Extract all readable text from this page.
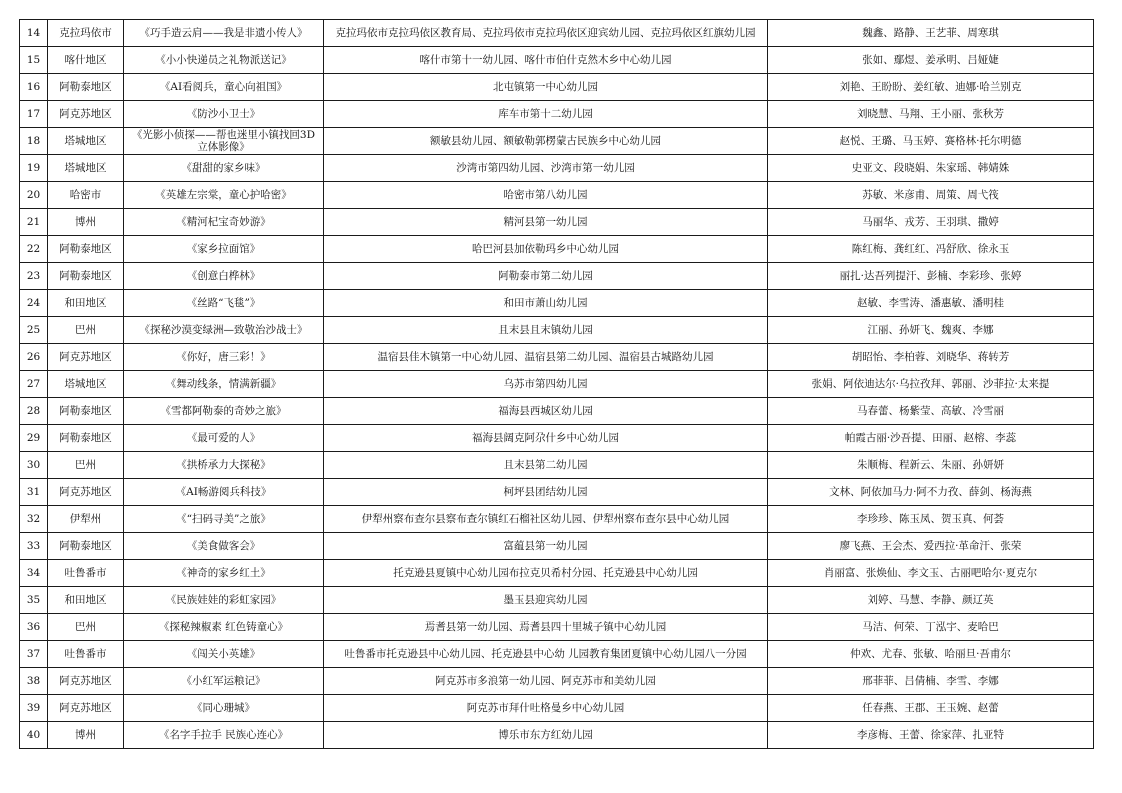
14	克拉玛依市	《巧手造云肩——我是非遗小传人》	克拉玛依市克拉玛依区教育局、克拉玛依市克拉玛依区迎宾幼儿园、克拉玛依区红旗幼儿园	魏鑫、路静、王艺菲、周寒琪
15	喀什地区	《小小快递员之礼物派送记》	喀什市第十一幼儿园、喀什市伯什克然木乡中心幼儿园	张如、鄢煜、姜承明、吕娅婕
16	阿勒泰地区	《AI看阅兵，童心向祖国》	北屯镇第一中心幼儿园	刘艳、王盼盼、姜红敏、迪娜·哈兰别克
17	阿克苏地区	《防沙小卫士》	库车市第十二幼儿园	刘晓慧、马翔、王小丽、张秋芳
18	塔城地区	《光影小侦探——帮也迷里小镇找回3D立体影像》	额敏县幼儿园、额敏勒郭楞蒙古民族乡中心幼儿园	赵悦、王璐、马玉婷、赛格林·托尔明德
19	塔城地区	《甜甜的家乡味》	沙湾市第四幼儿园、沙湾市第一幼儿园	史亚文、段晓娟、朱家瑶、韩婧姝
20	哈密市	《英雄左宗棠，童心护哈密》	哈密市第八幼儿园	苏敏、米彦甫、周策、周弋筏
21	博州	《精河杞宝奇妙游》	精河县第一幼儿园	马丽华、戎芳、王羽琪、撒婷
22	阿勒泰地区	《家乡拉面馆》	哈巴河县加依勒玛乡中心幼儿园	陈红梅、龚红红、冯舒欣、徐永玉
23	阿勒泰地区	《创意白桦林》	阿勒泰市第二幼儿园	丽扎·达吾列提汗、彭楠、李彩珍、张婷
24	和田地区	《丝路“飞毯”》	和田市萧山幼儿园	赵敏、李雪涛、潘惠敏、潘明桂
25	巴州	《探秘沙漠变绿洲—致敬治沙战士》	且末县且末镇幼儿园	江丽、孙妍飞、魏爽、李娜
26	阿克苏地区	《你好，唐三彩！》	温宿县佳木镇第一中心幼儿园、温宿县第二幼儿园、温宿县古城路幼儿园	胡昭怡、李柏蓉、刘晓华、蒋转芳
27	塔城地区	《舞动线条，情满新疆》	乌苏市第四幼儿园	张娟、阿依迪达尔·乌拉孜拜、郭丽、沙菲拉·太来提
28	阿勒泰地区	《雪都阿勒泰的奇妙之旅》	福海县西城区幼儿园	马春蕾、杨紫莹、高敏、冷雪丽
29	阿勒泰地区	《最可爱的人》	福海县阔克阿尕什乡中心幼儿园	帕霞古丽·沙吾提、田丽、赵榕、李蕊
30	巴州	《拱桥承力大探秘》	且末县第二幼儿园	朱顺梅、程新云、朱丽、孙妍妍
31	阿克苏地区	《AI畅游阅兵科技》	柯坪县团结幼儿园	文林、阿依加马力·阿不力孜、薛剑、杨海燕
32	伊犁州	《“扫码寻美”之旅》	伊犁州察布查尔县察布查尔镇红石榴社区幼儿园、伊犁州察布查尔县中心幼儿园	李珍珍、陈玉凤、贺玉真、何荟
33	阿勒泰地区	《美食做客会》	富蕴县第一幼儿园	廖飞燕、王会杰、爱西拉·革命汗、张荣
34	吐鲁番市	《神奇的家乡红土》	托克逊县夏镇中心幼儿园布拉克贝希村分园、托克逊县中心幼儿园	肖丽富、张焕仙、李文玉、古丽吧哈尔·夏克尔
35	和田地区	《民族娃娃的彩虹家园》	墨玉县迎宾幼儿园	刘婷、马慧、李静、颜辽英
36	巴州	《探秘辣椒素 红色铸童心》	焉耆县第一幼儿园、焉耆县四十里城子镇中心幼儿园	马洁、何荣、丁泓宇、麦哈巴
37	吐鲁番市	《闯关小英雄》	吐鲁番市托克逊县中心幼儿园、托克逊县中心幼 儿园教育集团夏镇中心幼儿园八一分园	仲欢、尤春、张敏、哈丽旦·吾甫尔
38	阿克苏地区	《小红军运粮记》	阿克苏市多浪第一幼儿园、阿克苏市和美幼儿园	邢菲菲、吕倩楠、李雪、李娜
39	阿克苏地区	《同心珊城》	阿克苏市拜什吐格曼乡中心幼儿园	任春燕、王郡、王玉婉、赵蕾
40	博州	《名字手拉手 民族心连心》	博乐市东方红幼儿园	李彦梅、王蕾、徐家萍、扎亚特
